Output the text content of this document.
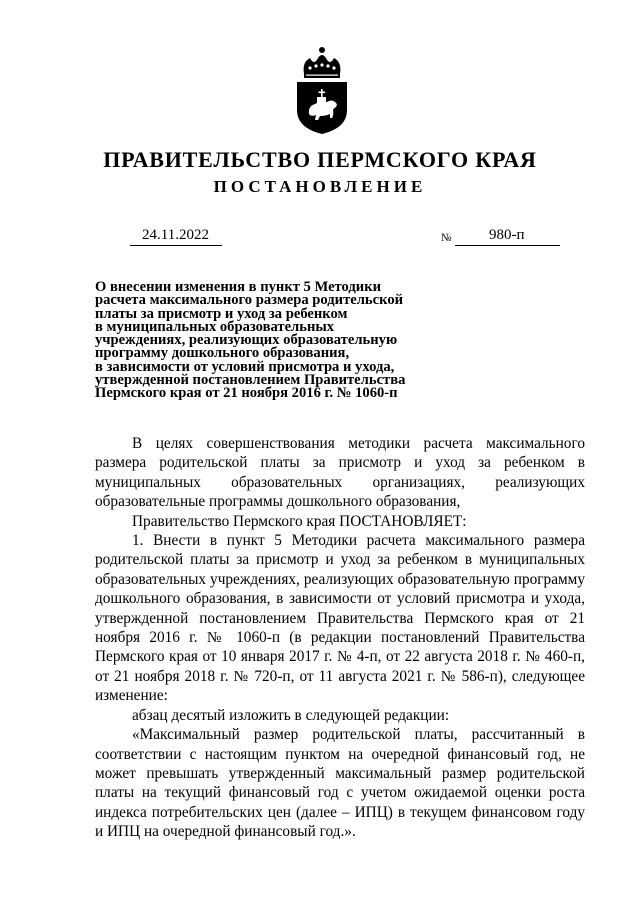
ПРАВИТЕЛЬСТВО ПЕРМСКОГО КРАЯ
ПОСТАНОВЛЕНИЕ
24.11.2022	№	980-п
О внесении изменения в пункт 5 Методики
расчета максимального размера родительской
платы за присмотр и уход за ребенком
в муниципальных образовательных
учреждениях, реализующих образовательную
программу дошкольного образования,
в зависимости от условий присмотра и ухода,
утвержденной постановлением Правительства
Пермского края от 21 ноября 2016 г. № 1060-п
В целях совершенствования методики расчета максимального размера родительской платы за присмотр и уход за ребенком в муниципальных образовательных организациях, реализующих образовательные программы дошкольного образования,
Правительство Пермского края ПОСТАНОВЛЯЕТ:
1. Внести в пункт 5 Методики расчета максимального размера родительской платы за присмотр и уход за ребенком в муниципальных образовательных учреждениях, реализующих образовательную программу дошкольного образования, в зависимости от условий присмотра и ухода, утвержденной постановлением Правительства Пермского края от 21 ноября 2016 г. № 1060-п (в редакции постановлений Правительства Пермского края от 10 января 2017 г. № 4-п, от 22 августа 2018 г. № 460-п, от 21 ноября 2018 г. № 720-п, от 11 августа 2021 г. № 586-п), следующее изменение:
абзац десятый изложить в следующей редакции:
«Максимальный размер родительской платы, рассчитанный в соответствии с настоящим пунктом на очередной финансовый год, не может превышать утвержденный максимальный размер родительской платы на текущий финансовый год с учетом ожидаемой оценки роста индекса потребительских цен (далее – ИПЦ) в текущем финансовом году и ИПЦ на очередной финансовый год.».
